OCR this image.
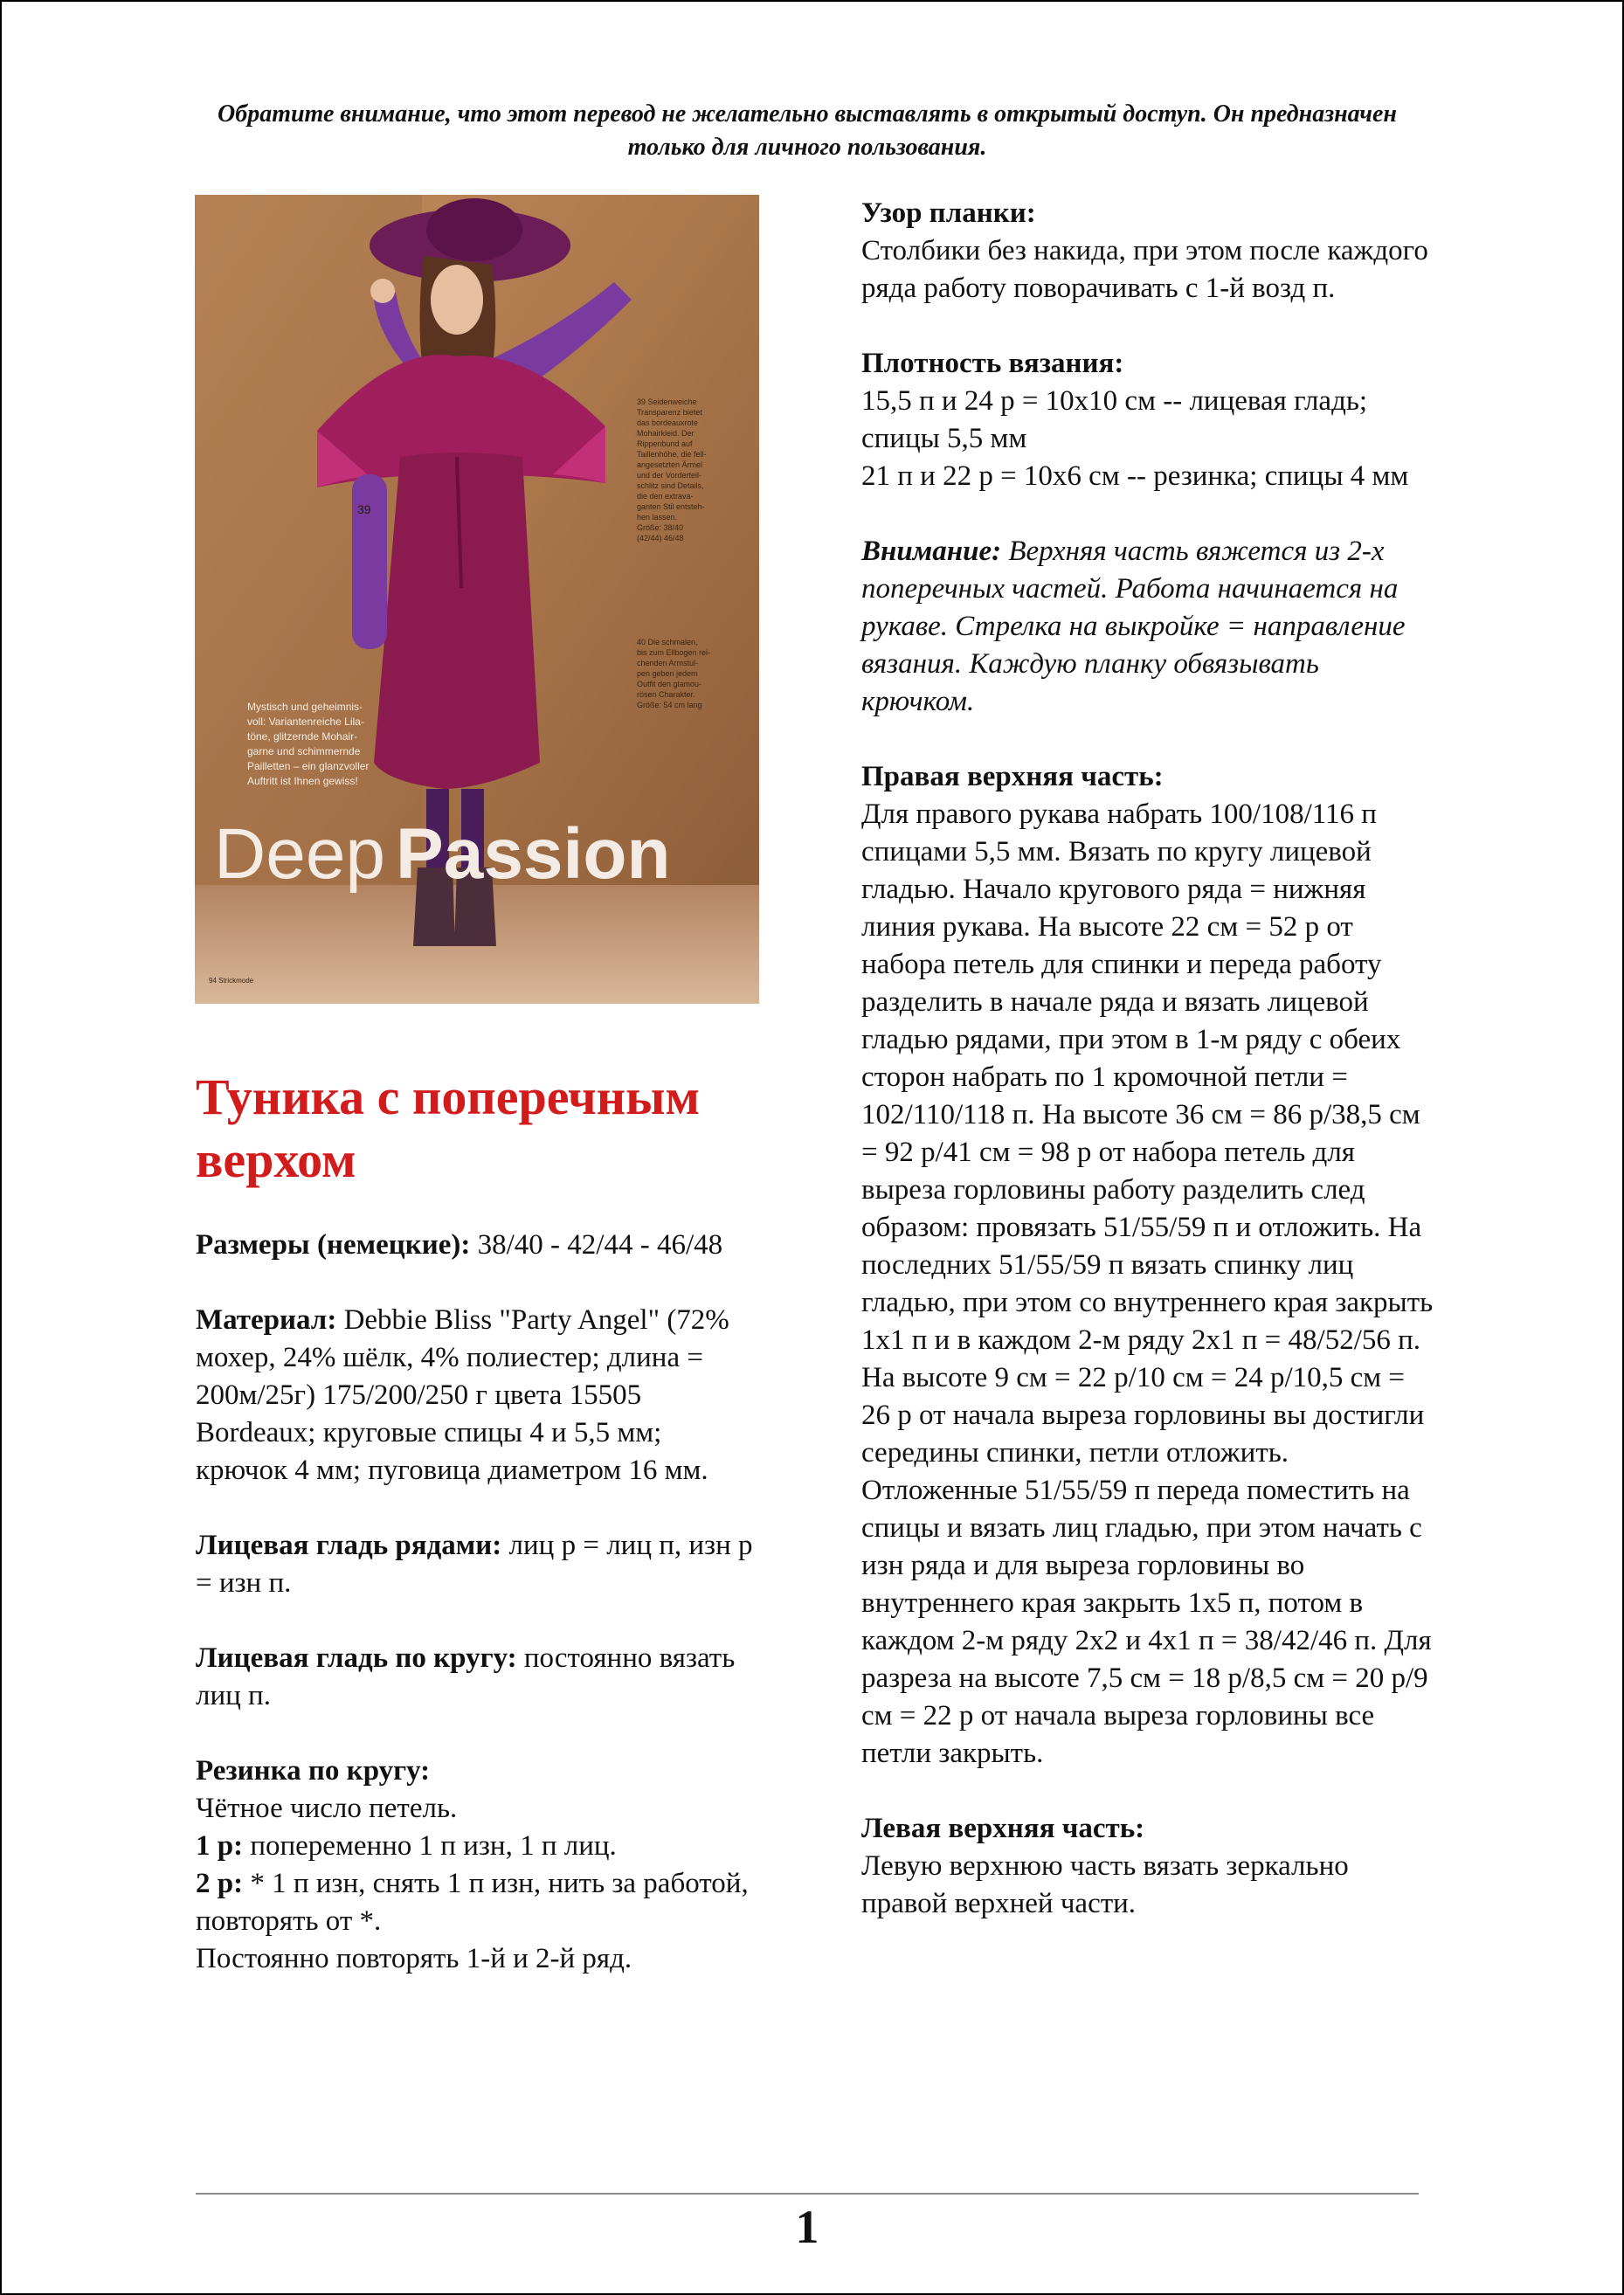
Обратите внимание, что этот перевод не желательно выставлять в открытый доступ. Он предназначен только для личного пользования.
39
39 Seidenweiche
Transparenz bietet
das bordeauxrote
Mohairkleid. Der
Rippenbund auf
Taillenhöhe, die fell-
angesetzten Ärmel
und der Vorderteil-
schlitz sind Details,
die den extrava-
ganten Stil entsteh-
hen lassen.
Größe: 38/40
(42/44) 46/48
40 Die schmalen,
bis zum Ellbogen rei-
chenden Armstul-
pen geben jedem
Outfit den glamou-
rösen Charakter.
Größe: 54 cm lang
Mystisch und geheimnis-
voll: Variantenreiche Lila-
töne, glitzernde Mohair-
garne und schimmernde
Pailletten – ein glanzvoller
Auftritt ist Ihnen gewiss!
Deep Passion
94 Strickmode
Туника с поперечным верхом

Размеры (немецкие): 38/40 - 42/44 - 46/48

Материал: Debbie Bliss "Party Angel" (72% мохер, 24% шёлк, 4% полиестер; длина = 200м/25г) 175/200/250 г цвета 15505 Bordeaux; круговые спицы 4 и 5,5 мм; крючок 4 мм; пуговица диаметром 16 мм.

Лицевая гладь рядами: лиц р = лиц п, изн р = изн п.

Лицевая гладь по кругу: постоянно вязать лиц п.

Резинка по кругу:

Чётное число петель.

1 р: попеременно 1 п изн, 1 п лиц.

2 р: * 1 п изн, снять 1 п изн, нить за работой, повторять от *.

Постоянно повторять 1-й и 2-й ряд.

Узор планки:

Столбики без накида, при этом после каждого ряда работу поворачивать с 1-й возд п.

Плотность вязания:

15,5 п и 24 р = 10х10 см -- лицевая гладь; спицы 5,5 мм

21 п и 22 р = 10х6 см -- резинка; спицы 4 мм

Внимание: Верхняя часть вяжется из 2-х поперечных частей. Работа начинается на рукаве. Стрелка на выкройке = направление вязания. Каждую планку обвязывать крючком.

Правая верхняя часть:

Для правого рукава набрать 100/108/116 п спицами 5,5 мм. Вязать по кругу лицевой гладью. Начало кругового ряда = нижняя линия рукава. На высоте 22 см = 52 р от набора петель для спинки и переда работу разделить в начале ряда и вязать лицевой гладью рядами, при этом в 1-м ряду с обеих сторон набрать по 1 кромочной петли = 102/110/118 п. На высоте 36 см = 86 р/38,5 см = 92 р/41 см = 98 р от набора петель для выреза горловины работу разделить след образом: провязать 51/55/59 п и отложить. На последних 51/55/59 п вязать спинку лиц гладью, при этом со внутреннего края закрыть 1х1 п и в каждом 2-м ряду 2х1 п = 48/52/56 п. На высоте 9 см = 22 р/10 см = 24 р/10,5 см = 26 р от начала выреза горловины вы достигли середины спинки, петли отложить. Отложенные 51/55/59 п переда поместить на спицы и вязать лиц гладью, при этом начать с изн ряда и для выреза горловины во внутреннего края закрыть 1х5 п, потом в каждом 2-м ряду 2х2 и 4х1 п = 38/42/46 п. Для разреза на высоте 7,5 см = 18 р/8,5 см = 20 р/9 см = 22 р от начала выреза горловины все петли закрыть.

Левая верхняя часть:

Левую верхнюю часть вязать зеркально правой верхней части.

1
